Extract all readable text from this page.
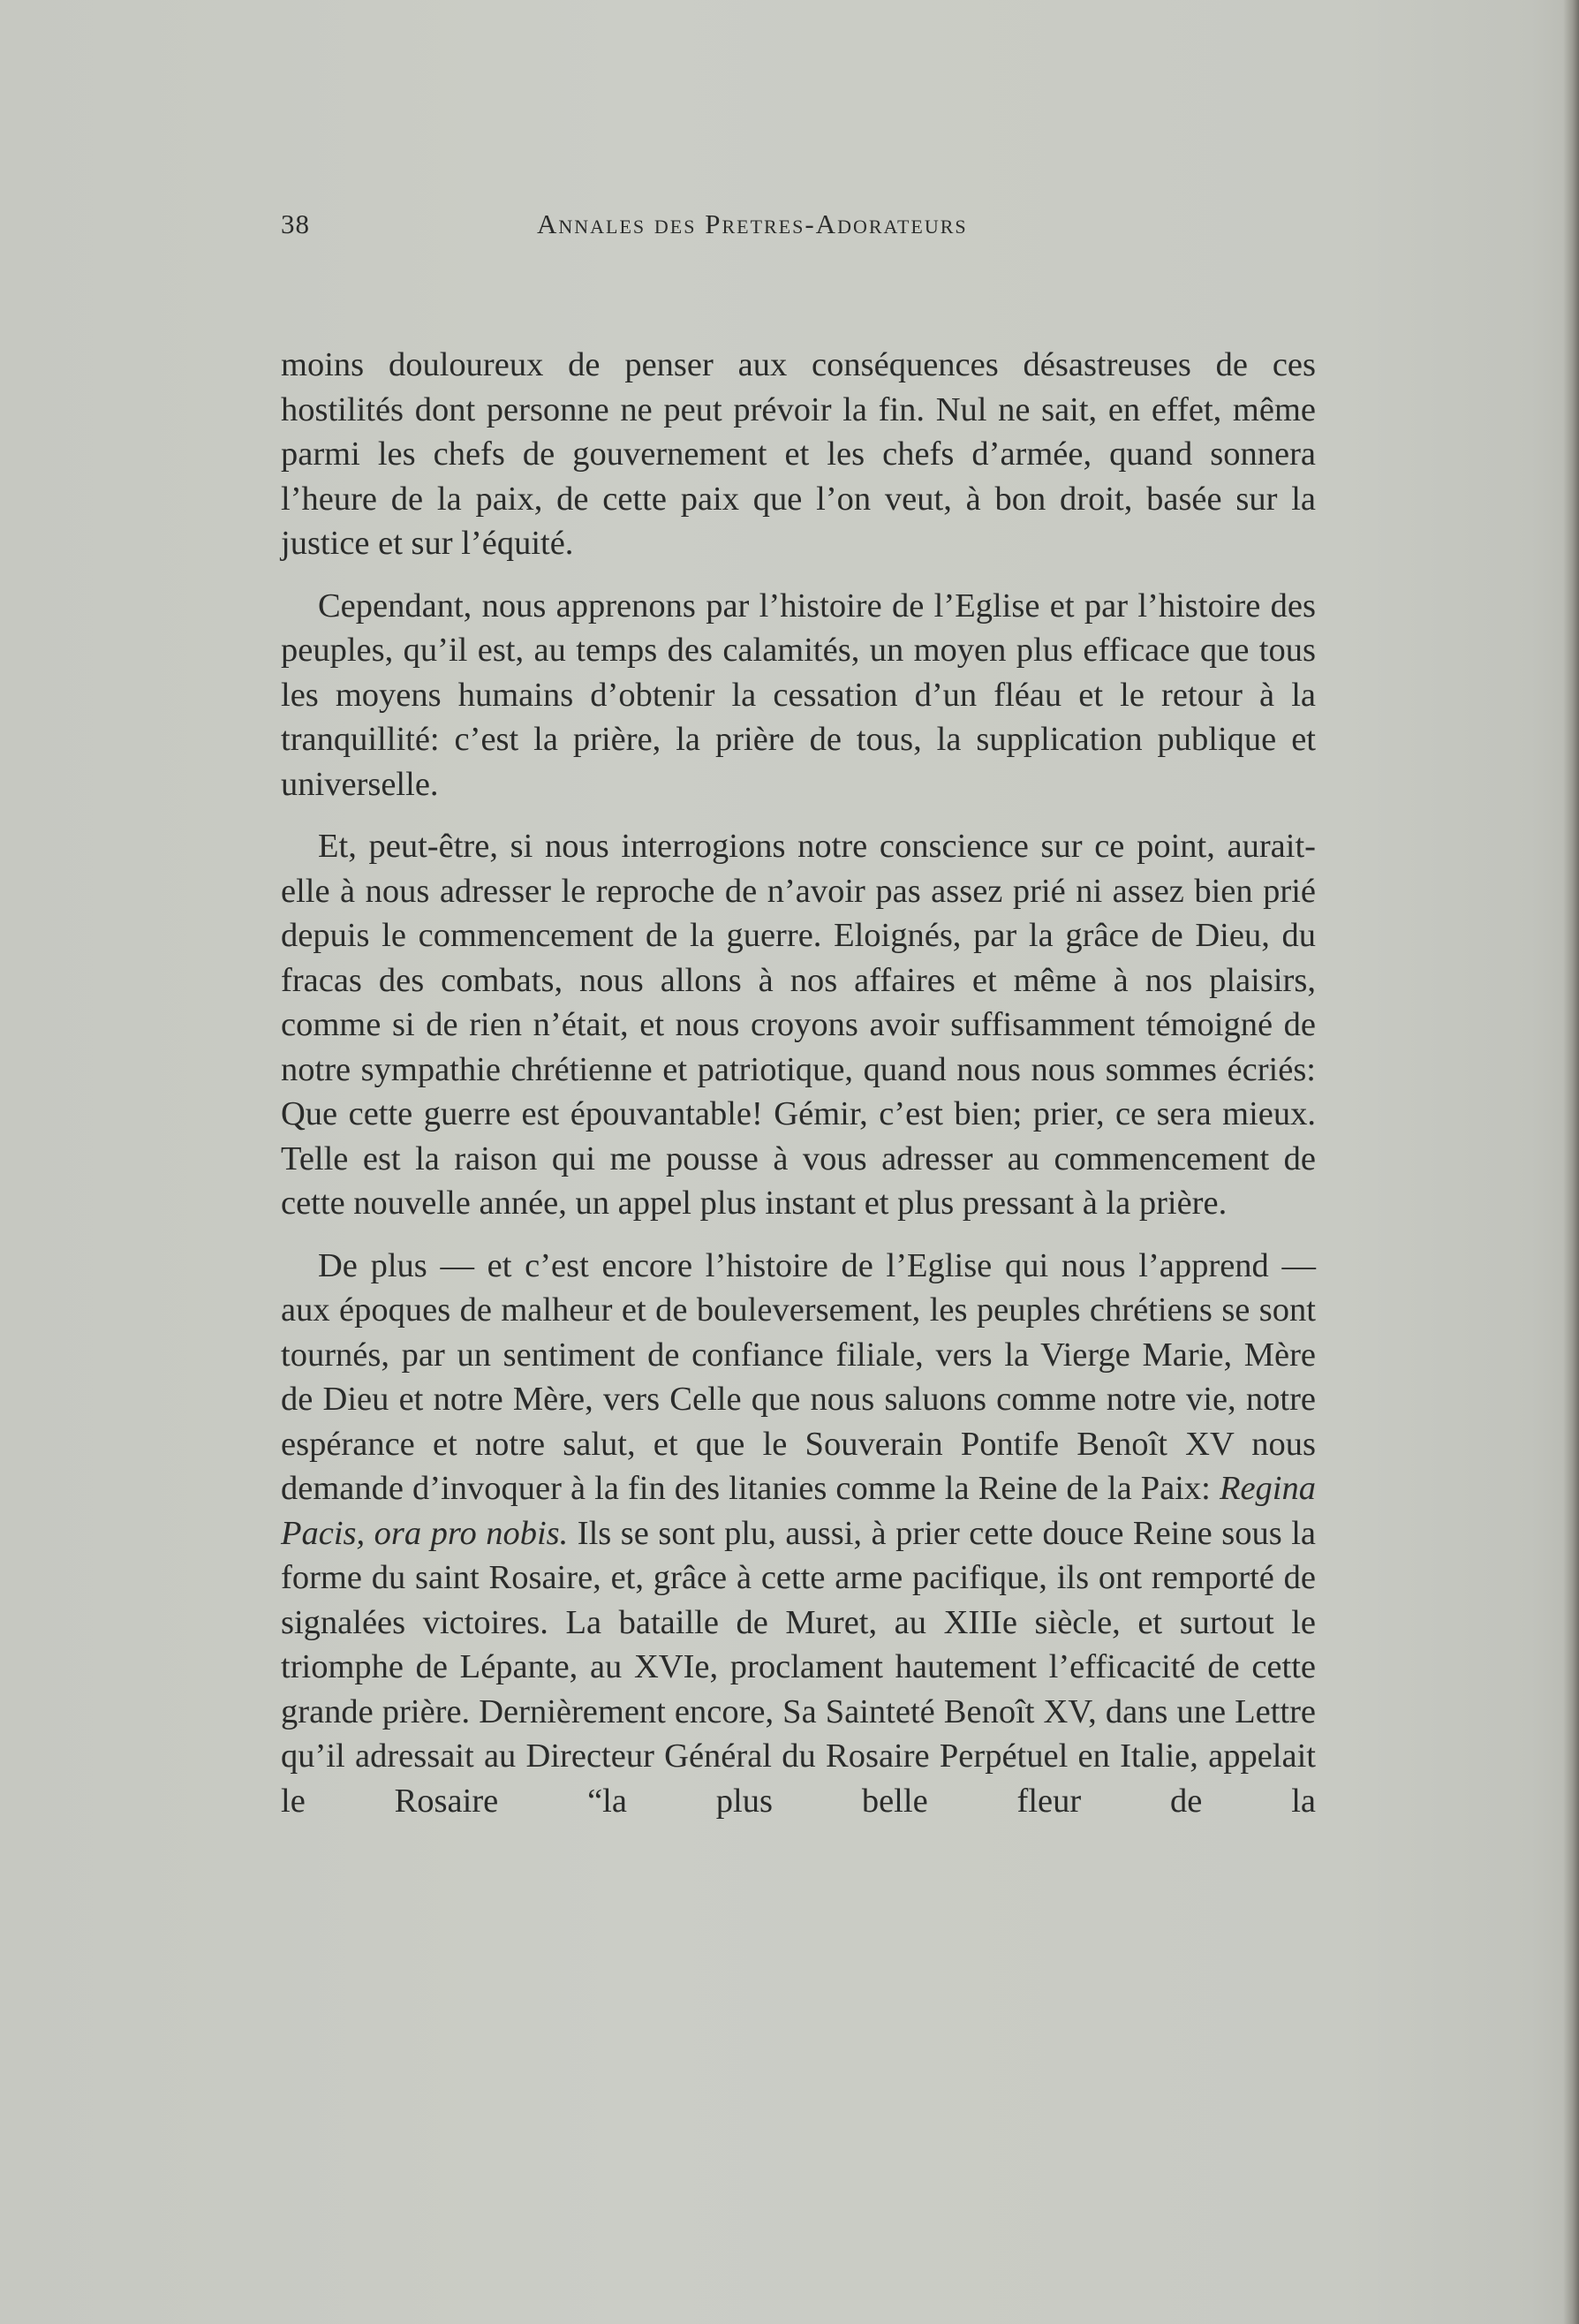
38	Annales des Pretres-Adorateurs

moins douloureux de penser aux conséquences désastreuses de ces hostilités dont personne ne peut prévoir la fin. Nul ne sait, en effet, même parmi les chefs de gouvernement et les chefs d’armée, quand sonnera l’heure de la paix, de cette paix que l’on veut, à bon droit, basée sur la justice et sur l’équité.

Cependant, nous apprenons par l’histoire de l’Eglise et par l’histoire des peuples, qu’il est, au temps des calamités, un moyen plus efficace que tous les moyens humains d’obtenir la cessation d’un fléau et le retour à la tranquillité: c’est la prière, la prière de tous, la supplication publique et universelle.

Et, peut-être, si nous interrogions notre conscience sur ce point, aurait-elle à nous adresser le reproche de n’avoir pas assez prié ni assez bien prié depuis le commencement de la guerre. Eloignés, par la grâce de Dieu, du fracas des combats, nous allons à nos affaires et même à nos plaisirs, comme si de rien n’était, et nous croyons avoir suffisamment témoigné de notre sympathie chrétienne et patriotique, quand nous nous sommes écriés: Que cette guerre est épouvantable! Gémir, c’est bien; prier, ce sera mieux. Telle est la raison qui me pousse à vous adresser au commencement de cette nouvelle année, un appel plus instant et plus pressant à la prière.

De plus — et c’est encore l’histoire de l’Eglise qui nous l’apprend — aux époques de malheur et de bouleversement, les peuples chrétiens se sont tournés, par un sentiment de confiance filiale, vers la Vierge Marie, Mère de Dieu et notre Mère, vers Celle que nous saluons comme notre vie, notre espérance et notre salut, et que le Souverain Pontife Benoît XV nous demande d’invoquer à la fin des litanies comme la Reine de la Paix: Regina Pacis, ora pro nobis. Ils se sont plu, aussi, à prier cette douce Reine sous la forme du saint Rosaire, et, grâce à cette arme pacifique, ils ont remporté de signalées victoires. La bataille de Muret, au XIIIe siècle, et surtout le triomphe de Lépante, au XVIe, proclament hautement l’efficacité de cette grande prière. Dernièrement encore, Sa Sainteté Benoît XV, dans une Lettre qu’il adressait au Directeur Général du Rosaire Perpétuel en Italie, appelait le Rosaire “la plus belle fleur de la
